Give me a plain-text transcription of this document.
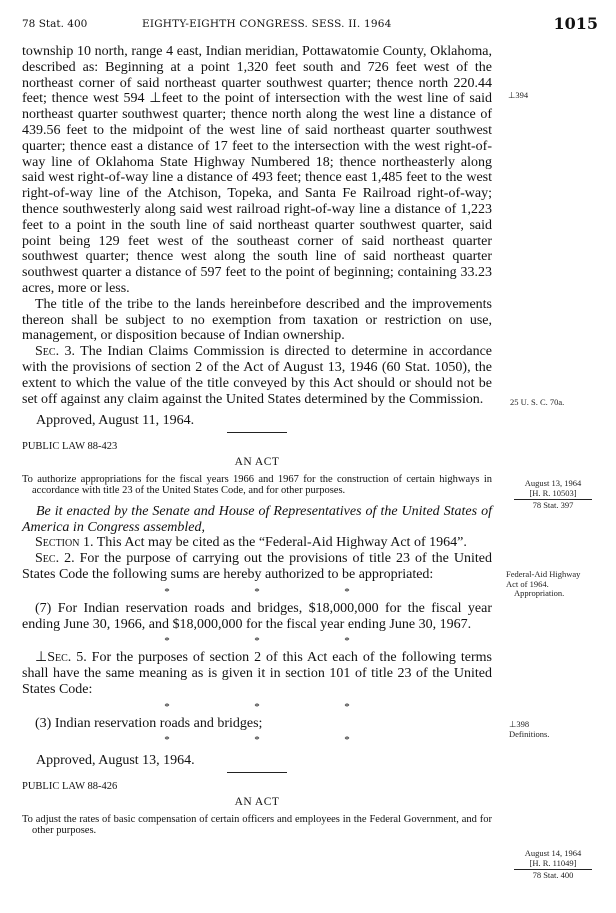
78 Stat. 400	EIGHTY-EIGHTH CONGRESS. SESS. II. 1964	1015

township 10 north, range 4 east, Indian meridian, Pottawatomie County, Oklahoma, described as: Beginning at a point 1,320 feet south and 726 feet west of the northeast corner of said northeast quarter southwest quarter; thence north 220.44 feet; thence west 594 ⊥feet to the point of intersection with the west line of said northeast quarter southwest quarter; thence north along the west line a distance of 439.56 feet to the midpoint of the west line of said northeast quarter southwest quarter; thence east a distance of 17 feet to the intersection with the west right-of-way line of Oklahoma State Highway Numbered 18; thence northeasterly along said west right-of-way line a distance of 493 feet; thence east 1,485 feet to the west right-of-way line of the Atchison, Topeka, and Santa Fe Railroad right-of-way; thence southwesterly along said west railroad right-of-way line a distance of 1,223 feet to a point in the south line of said northeast quarter southwest quarter, said point being 129 feet west of the southeast corner of said northeast quarter southwest quarter; thence west along the south line of said northeast quarter southwest quarter a distance of 597 feet to the point of beginning; containing 33.23 acres, more or less.

The title of the tribe to the lands hereinbefore described and the improvements thereon shall be subject to no exemption from taxation or restriction on use, management, or disposition because of Indian ownership.

Sec. 3. The Indian Claims Commission is directed to determine in accordance with the provisions of section 2 of the Act of August 13, 1946 (60 Stat. 1050), the extent to which the value of the title conveyed by this Act should or should not be set off against any claim against the United States determined by the Commission.

Approved, August 11, 1964.

PUBLIC LAW 88-423

AN ACT

To authorize appropriations for the fiscal years 1966 and 1967 for the construction of certain highways in accordance with title 23 of the United States Code, and for other purposes.

Be it enacted by the Senate and House of Representatives of the United States of America in Congress assembled,

Section 1. This Act may be cited as the “Federal-Aid Highway Act of 1964”.

Sec. 2. For the purpose of carrying out the provisions of title 23 of the United States Code the following sums are hereby authorized to be appropriated:

*	*	*

(7) For Indian reservation roads and bridges, $18,000,000 for the fiscal year ending June 30, 1966, and $18,000,000 for the fiscal year ending June 30, 1967.

*	*	*

⊥Sec. 5. For the purposes of section 2 of this Act each of the following terms shall have the same meaning as is given it in section 101 of title 23 of the United States Code:

*	*	*

(3) Indian reservation roads and bridges;

*	*	*

Approved, August 13, 1964.

PUBLIC LAW 88-426

AN ACT

To adjust the rates of basic compensation of certain officers and employees in the Federal Government, and for other purposes.

⊥394
25 U. S. C. 70a.
August 13, 1964
[H. R. 10503]
78 Stat. 397
Federal-Aid Highway
Act of 1964.
Appropriation.
⊥398
Definitions.
August 14, 1964
[H. R. 11049]
78 Stat. 400
